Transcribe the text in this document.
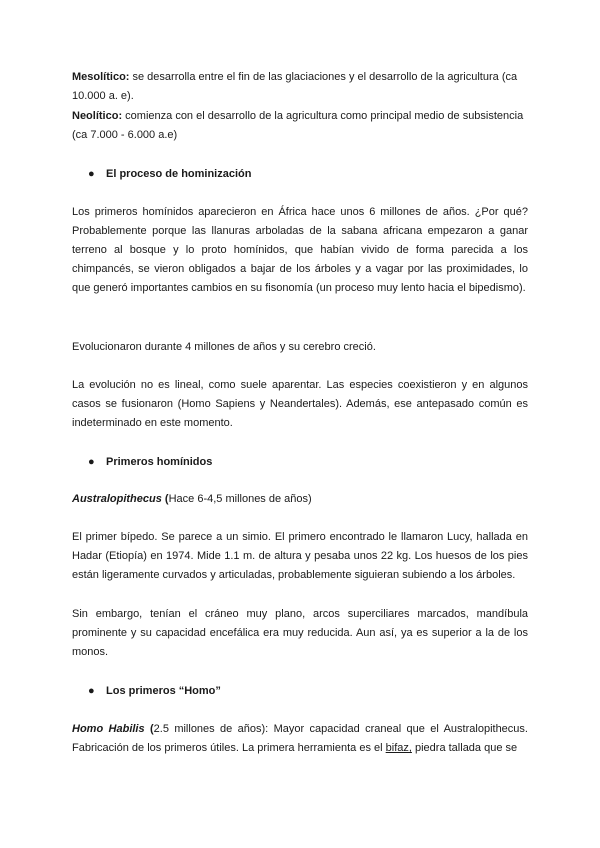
Mesolítico: se desarrolla entre el fin de las glaciaciones y el desarrollo de la agricultura (ca 10.000 a. e).

Neolítico: comienza con el desarrollo de la agricultura como principal medio de subsistencia (ca 7.000 - 6.000 a.e)

● El proceso de hominización

Los primeros homínidos aparecieron en África hace unos 6 millones de años. ¿Por qué? Probablemente porque las llanuras arboladas de la sabana africana empezaron a ganar terreno al bosque y lo proto homínidos, que habían vivido de forma parecida a los chimpancés, se vieron obligados a bajar de los árboles y a vagar por las proximidades, lo que generó importantes cambios en su fisonomía (un proceso muy lento hacia el bipedismo).

Evolucionaron durante 4 millones de años y su cerebro creció.

La evolución no es lineal, como suele aparentar. Las especies coexistieron y en algunos casos se fusionaron (Homo Sapiens y Neandertales). Además, ese antepasado común es indeterminado en este momento.

● Primeros homínidos

Australopithecus (Hace 6-4,5 millones de años)

El primer bípedo. Se parece a un simio. El primero encontrado le llamaron Lucy, hallada en Hadar (Etiopía) en 1974. Mide 1.1 m. de altura y pesaba unos 22 kg. Los huesos de los pies están ligeramente curvados y articuladas, probablemente siguieran subiendo a los árboles.

Sin embargo, tenían el cráneo muy plano, arcos superciliares marcados, mandíbula prominente y su capacidad encefálica era muy reducida. Aun así, ya es superior a la de los monos.

● Los primeros “Homo”

Homo Habilis (2.5 millones de años): Mayor capacidad craneal que el Australopithecus. Fabricación de los primeros útiles. La primera herramienta es el bifaz, piedra tallada que se
